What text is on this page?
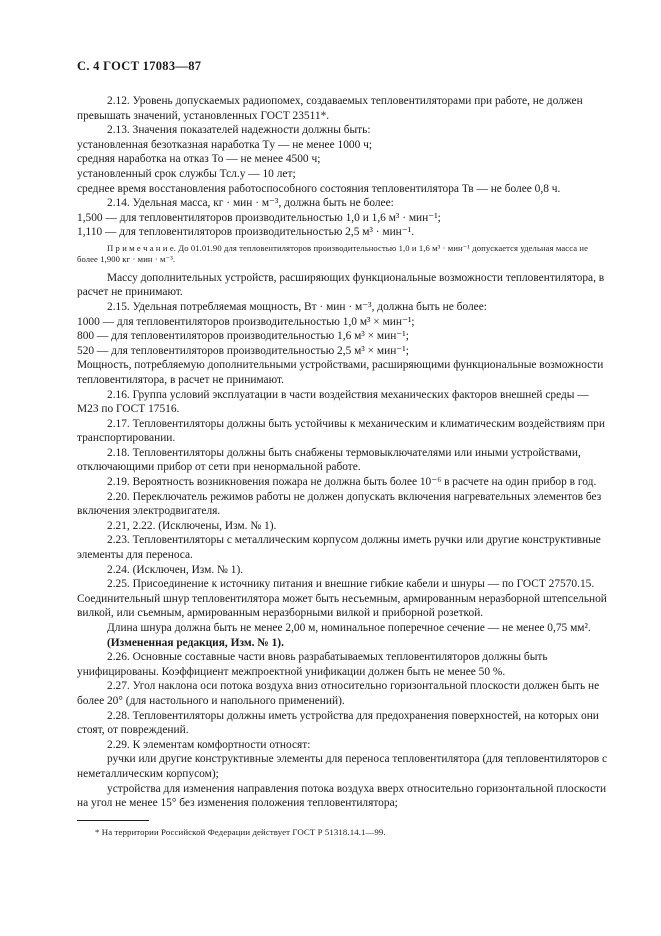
С. 4 ГОСТ 17083—87

2.12. Уровень допускаемых радиопомех, создаваемых тепловентиляторами при работе, не должен превышать значений, установленных ГОСТ 23511*.

2.13. Значения показателей надежности должны быть:

установленная безотказная наработка Тy — не менее 1000 ч;

средняя наработка на отказ То — не менее 4500 ч;

установленный срок службы Тсл.у — 10 лет;

среднее время восстановления работоспособного состояния тепловентилятора Тв — не более 0,8 ч.

2.14. Удельная масса, кг · мин · м⁻³, должна быть не более:

1,500 — для тепловентиляторов производительностью 1,0 и 1,6 м³ · мин⁻¹;

1,110 — для тепловентиляторов производительностью 2,5 м³ · мин⁻¹.

П р и м е ч а н и е. До 01.01.90 для тепловентиляторов производительностью 1,0 и 1,6 м³ · мин⁻¹ допускается удельная масса не более 1,900 кг · мин · м⁻³.

Массу дополнительных устройств, расширяющих функциональные возможности тепловентилятора, в расчет не принимают.

2.15. Удельная потребляемая мощность, Вт · мин · м⁻³, должна быть не более:

1000 — для тепловентиляторов производительностью 1,0 м³ × мин⁻¹;

800 — для тепловентиляторов производительностью 1,6 м³ × мин⁻¹;

520 — для тепловентиляторов производительностью 2,5 м³ × мин⁻¹;

Мощность, потребляемую дополнительными устройствами, расширяющими функциональные возможности тепловентилятора, в расчет не принимают.

2.16. Группа условий эксплуатации в части воздействия механических факторов внешней среды — М23 по ГОСТ 17516.

2.17. Тепловентиляторы должны быть устойчивы к механическим и климатическим воздействиям при транспортировании.

2.18. Тепловентиляторы должны быть снабжены термовыключателями или иными устройствами, отключающими прибор от сети при ненормальной работе.

2.19. Вероятность возникновения пожара не должна быть более 10⁻⁶ в расчете на один прибор в год.

2.20. Переключатель режимов работы не должен допускать включения нагревательных элементов без включения электродвигателя.

2.21, 2.22. (Исключены, Изм. № 1).

2.23. Тепловентиляторы с металлическим корпусом должны иметь ручки или другие конструктивные элементы для переноса.

2.24. (Исключен, Изм. № 1).

2.25. Присоединение к источнику питания и внешние гибкие кабели и шнуры — по ГОСТ 27570.15. Соединительный шнур тепловентилятора может быть несъемным, армированным неразборной штепсельной вилкой, или съемным, армированным неразборными вилкой и приборной розеткой.

Длина шнура должна быть не менее 2,00 м, номинальное поперечное сечение — не менее 0,75 мм².

(Измененная редакция, Изм. № 1).

2.26. Основные составные части вновь разрабатываемых тепловентиляторов должны быть унифицированы. Коэффициент межпроектной унификации должен быть не менее 50 %.

2.27. Угол наклона оси потока воздуха вниз относительно горизонтальной плоскости должен быть не более 20° (для настольного и напольного применений).

2.28. Тепловентиляторы должны иметь устройства для предохранения поверхностей, на которых они стоят, от повреждений.

2.29. К элементам комфортности относят:

ручки или другие конструктивные элементы для переноса тепловентилятора (для тепловентиляторов с неметаллическим корпусом);

устройства для изменения направления потока воздуха вверх относительно горизонтальной плоскости на угол не менее 15° без изменения положения тепловентилятора;

* На территории Российской Федерации действует ГОСТ Р 51318.14.1—99.
